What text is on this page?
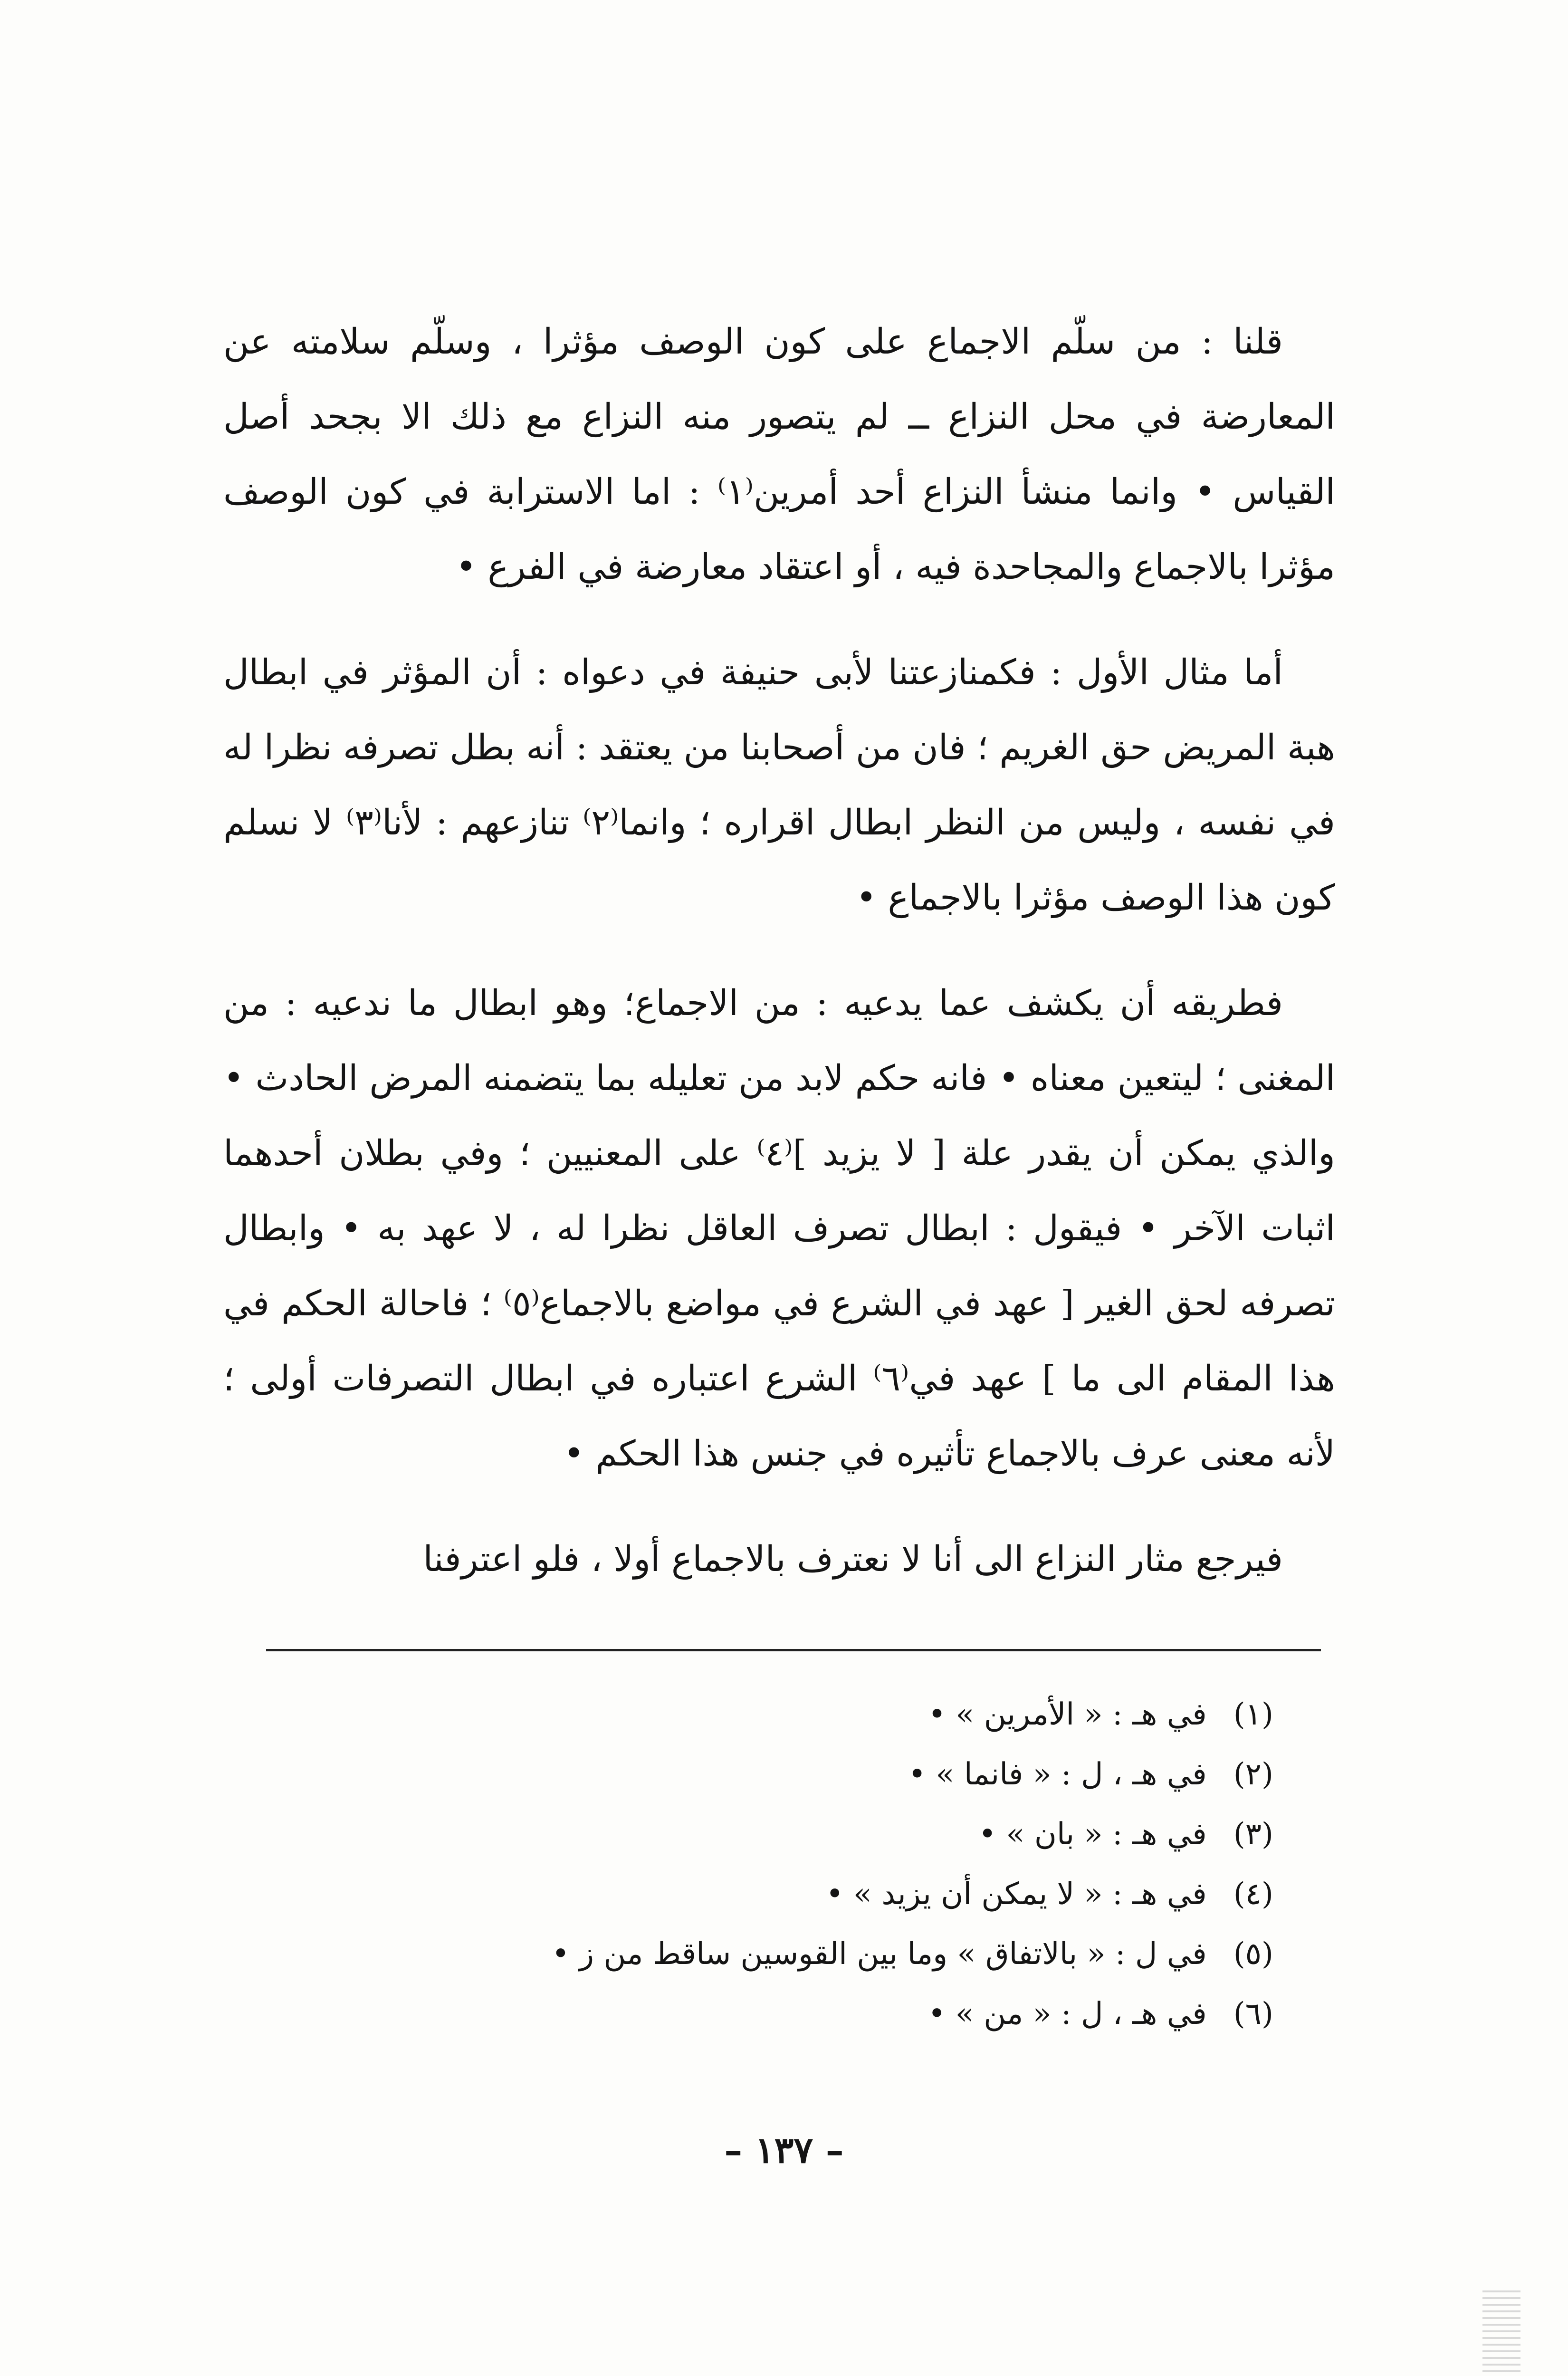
قلنا : من سلّم الاجماع على كون الوصف مؤثرا ، وسلّم سلامته عن المعارضة في محل النزاع ــ لم يتصور منه النزاع مع ذلك الا بجحد أصل القياس • وانما منشأ النزاع أحد أمرين⁽١⁾ : اما الاسترابة في كون الوصف مؤثرا بالاجماع والمجاحدة فيه ، أو اعتقاد معارضة في الفرع •

أما مثال الأول : فكمنازعتنا لأبى حنيفة في دعواه : أن المؤثر في ابطال هبة المريض حق الغريم ؛ فان من أصحابنا من يعتقد : أنه بطل تصرفه نظرا له في نفسه ، وليس من النظر ابطال اقراره ؛ وانما⁽٢⁾ تنازعهم : لأنا⁽٣⁾ لا نسلم كون هذا الوصف مؤثرا بالاجماع •

فطريقه أن يكشف عما يدعيه : من الاجماع؛ وهو ابطال ما ندعيه : من المغنى ؛ ليتعين معناه • فانه حكم لابد من تعليله بما يتضمنه المرض الحادث • والذي يمكن أن يقدر علة [ لا يزيد ]⁽٤⁾ على المعنيين ؛ وفي بطلان أحدهما اثبات الآخر • فيقول : ابطال تصرف العاقل نظرا له ، لا عهد به • وابطال تصرفه لحق الغير [ عهد في الشرع في مواضع بالاجماع⁽٥⁾ ؛ فاحالة الحكم في هذا المقام الى ما ] عهد في⁽٦⁾ الشرع اعتباره في ابطال التصرفات أولى ؛ لأنه معنى عرف بالاجماع تأثيره في جنس هذا الحكم •

فيرجع مثار النزاع الى أنا لا نعترف بالاجماع أولا ، فلو اعترفنا

(١) في هـ : « الأمرين » •
(٢) في هـ ، ل : « فانما » •
(٣) في هـ : « بان » •
(٤) في هـ : « لا يمكن أن يزيد » •
(٥) في ل : « بالاتفاق » وما بين القوسين ساقط من ز •
(٦) في هـ ، ل : « من » •
– ١٣٧ –
